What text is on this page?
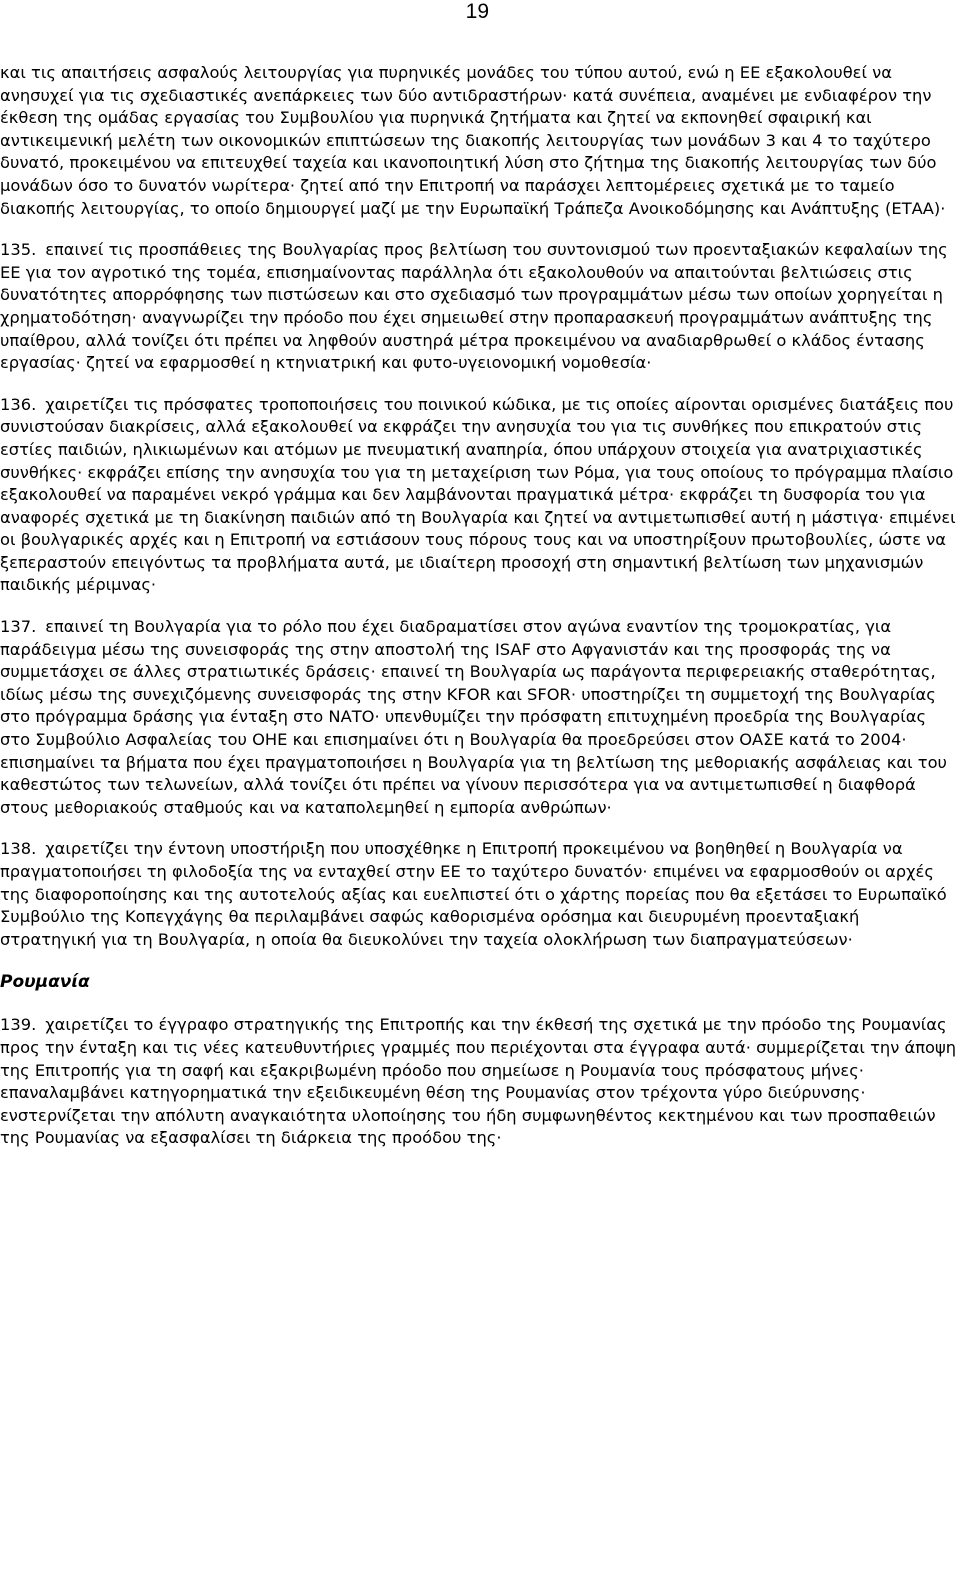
19

και τις απαιτήσεις ασφαλούς λειτουργίας για πυρηνικές μονάδες του τύπου αυτού, ενώ η ΕΕ εξακολουθεί να ανησυχεί για τις σχεδιαστικές ανεπάρκειες των δύο αντιδραστήρων· κατά συνέπεια, αναμένει με ενδιαφέρον την έκθεση της ομάδας εργασίας του Συμβουλίου για πυρηνικά ζητήματα και ζητεί να εκπονηθεί σφαιρική και αντικειμενική μελέτη των οικονομικών επιπτώσεων της διακοπής λειτουργίας των μονάδων 3 και 4 το ταχύτερο δυνατό, προκειμένου να επιτευχθεί ταχεία και ικανοποιητική λύση στο ζήτημα της διακοπής λειτουργίας των δύο μονάδων όσο το δυνατόν νωρίτερα· ζητεί από την Επιτροπή να παράσχει λεπτομέρειες σχετικά με το ταμείο διακοπής λειτουργίας, το οποίο δημιουργεί μαζί με την Ευρωπαϊκή Τράπεζα Ανοικοδόμησης και Ανάπτυξης (ΕΤΑΑ)·

135. επαινεί τις προσπάθειες της Βουλγαρίας προς βελτίωση του συντονισμού των προενταξιακών κεφαλαίων της ΕΕ για τον αγροτικό της τομέα, επισημαίνοντας παράλληλα ότι εξακολουθούν να απαιτούνται βελτιώσεις στις δυνατότητες απορρόφησης των πιστώσεων και στο σχεδιασμό των προγραμμάτων μέσω των οποίων χορηγείται η χρηματοδότηση· αναγνωρίζει την πρόοδο που έχει σημειωθεί στην προπαρασκευή προγραμμάτων ανάπτυξης της υπαίθρου, αλλά τονίζει ότι πρέπει να ληφθούν αυστηρά μέτρα προκειμένου να αναδιαρθρωθεί ο κλάδος έντασης εργασίας· ζητεί να εφαρμοσθεί η κτηνιατρική και φυτο-υγειονομική νομοθεσία·

136. χαιρετίζει τις πρόσφατες τροποποιήσεις του ποινικού κώδικα, με τις οποίες αίρονται ορισμένες διατάξεις που συνιστούσαν διακρίσεις, αλλά εξακολουθεί να εκφράζει την ανησυχία του για τις συνθήκες που επικρατούν στις εστίες παιδιών, ηλικιωμένων και ατόμων με πνευματική αναπηρία, όπου υπάρχουν στοιχεία για ανατριχιαστικές συνθήκες· εκφράζει επίσης την ανησυχία του για τη μεταχείριση των Ρόμα, για τους οποίους το πρόγραμμα πλαίσιο εξακολουθεί να παραμένει νεκρό γράμμα και δεν λαμβάνονται πραγματικά μέτρα· εκφράζει τη δυσφορία του για αναφορές σχετικά με τη διακίνηση παιδιών από τη Βουλγαρία και ζητεί να αντιμετωπισθεί αυτή η μάστιγα· επιμένει οι βουλγαρικές αρχές και η Επιτροπή να εστιάσουν τους πόρους τους και να υποστηρίξουν πρωτοβουλίες, ώστε να ξεπεραστούν επειγόντως τα προβλήματα αυτά, με ιδιαίτερη προσοχή στη σημαντική βελτίωση των μηχανισμών παιδικής μέριμνας·

137. επαινεί τη Βουλγαρία για το ρόλο που έχει διαδραματίσει στον αγώνα εναντίον της τρομοκρατίας, για παράδειγμα μέσω της συνεισφοράς της στην αποστολή της ISAF στο Αφγανιστάν και της προσφοράς της να συμμετάσχει σε άλλες στρατιωτικές δράσεις· επαινεί τη Βουλγαρία ως παράγοντα περιφερειακής σταθερότητας, ιδίως μέσω της συνεχιζόμενης συνεισφοράς της στην KFOR και SFOR· υποστηρίζει τη συμμετοχή της Βουλγαρίας στο πρόγραμμα δράσης για ένταξη στο ΝΑΤΟ· υπενθυμίζει την πρόσφατη επιτυχημένη προεδρία της Βουλγαρίας στο Συμβούλιο Ασφαλείας του ΟΗΕ και επισημαίνει ότι η Βουλγαρία θα προεδρεύσει στον ΟΑΣΕ κατά το 2004· επισημαίνει τα βήματα που έχει πραγματοποιήσει η Βουλγαρία για τη βελτίωση της μεθοριακής ασφάλειας και του καθεστώτος των τελωνείων, αλλά τονίζει ότι πρέπει να γίνουν περισσότερα για να αντιμετωπισθεί η διαφθορά στους μεθοριακούς σταθμούς και να καταπολεμηθεί η εμπορία ανθρώπων·

138. χαιρετίζει την έντονη υποστήριξη που υποσχέθηκε η Επιτροπή προκειμένου να βοηθηθεί η Βουλγαρία να πραγματοποιήσει τη φιλοδοξία της να ενταχθεί στην ΕΕ το ταχύτερο δυνατόν· επιμένει να εφαρμοσθούν οι αρχές της διαφοροποίησης και της αυτοτελούς αξίας και ευελπιστεί ότι ο χάρτης πορείας που θα εξετάσει το Ευρωπαϊκό Συμβούλιο της Κοπεγχάγης θα περιλαμβάνει σαφώς καθορισμένα ορόσημα και διευρυμένη προενταξιακή στρατηγική για τη Βουλγαρία, η οποία θα διευκολύνει την ταχεία ολοκλήρωση των διαπραγματεύσεων·

Ρουμανία

139. χαιρετίζει το έγγραφο στρατηγικής της Επιτροπής και την έκθεσή της σχετικά με την πρόοδο της Ρουμανίας προς την ένταξη και τις νέες κατευθυντήριες γραμμές που περιέχονται στα έγγραφα αυτά· συμμερίζεται την άποψη της Επιτροπής για τη σαφή και εξακριβωμένη πρόοδο που σημείωσε η Ρουμανία τους πρόσφατους μήνες· επαναλαμβάνει κατηγορηματικά την εξειδικευμένη θέση της Ρουμανίας στον τρέχοντα γύρο διεύρυνσης· ενστερνίζεται την απόλυτη αναγκαιότητα υλοποίησης του ήδη συμφωνηθέντος κεκτημένου και των προσπαθειών της Ρουμανίας να εξασφαλίσει τη διάρκεια της προόδου της·
